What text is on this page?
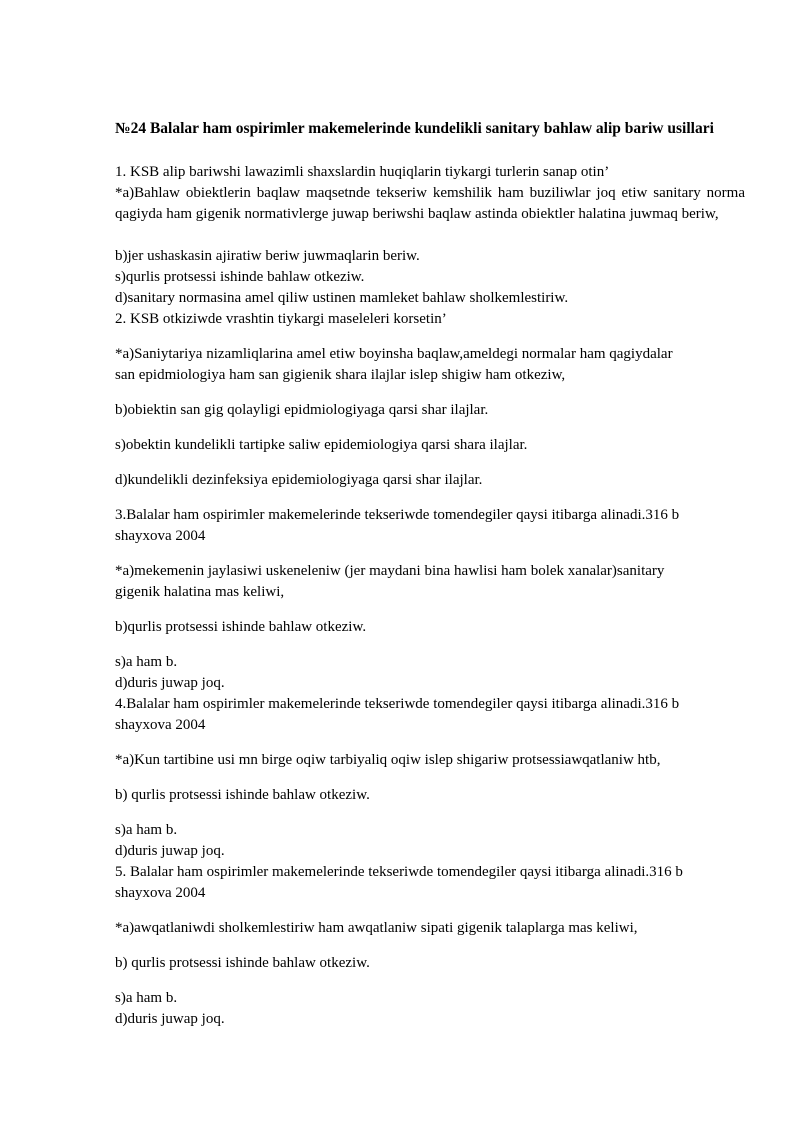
№24 Balalar ham ospirimler makemelerinde kundelikli sanitary bahlaw alip bariw usillari

1. KSB alip bariwshi lawazimli shaxslardin huqiqlarin tiykargi turlerin sanap otin’

*a)Bahlaw obiektlerin baqlaw maqsetnde tekseriw kemshilik ham buziliwlar joq etiw sanitary norma qagiyda ham gigenik normativlerge juwap beriwshi baqlaw astinda obiektler halatina juwmaq beriw,

b)jer ushaskasin ajiratiw beriw juwmaqlarin beriw.

s)qurlis protsessi ishinde bahlaw otkeziw.

d)sanitary normasina amel qiliw ustinen mamleket bahlaw sholkemlestiriw.

2. KSB otkiziwde vrashtin tiykargi maseleleri korsetin’

*a)Saniytariya nizamliqlarina amel etiw boyinsha baqlaw,ameldegi normalar ham qagiydalar

san epidmiologiya ham san gigienik shara ilajlar islep shigiw ham otkeziw,

b)obiektin san gig qolayligi epidmiologiyaga qarsi shar ilajlar.

s)obektin kundelikli tartipke saliw epidemiologiya qarsi shara ilajlar.

d)kundelikli dezinfeksiya epidemiologiyaga qarsi shar ilajlar.

3.Balalar ham ospirimler makemelerinde tekseriwde tomendegiler qaysi itibarga alinadi.316 b

shayxova 2004

*a)mekemenin jaylasiwi uskeneleniw (jer maydani bina hawlisi ham bolek xanalar)sanitary

gigenik halatina mas keliwi,

b)qurlis protsessi ishinde bahlaw otkeziw.

s)a ham b.

d)duris juwap joq.

4.Balalar ham ospirimler makemelerinde tekseriwde tomendegiler qaysi itibarga alinadi.316 b

shayxova 2004

*a)Kun tartibine usi mn birge oqiw tarbiyaliq oqiw islep shigariw protsessiawqatlaniw htb,

b) qurlis protsessi ishinde bahlaw otkeziw.

s)a ham b.

d)duris juwap joq.

5. Balalar ham ospirimler makemelerinde tekseriwde tomendegiler qaysi itibarga alinadi.316 b

shayxova 2004

*a)awqatlaniwdi sholkemlestiriw ham awqatlaniw sipati gigenik talaplarga mas keliwi,

b) qurlis protsessi ishinde bahlaw otkeziw.

s)a ham b.

d)duris juwap joq.
